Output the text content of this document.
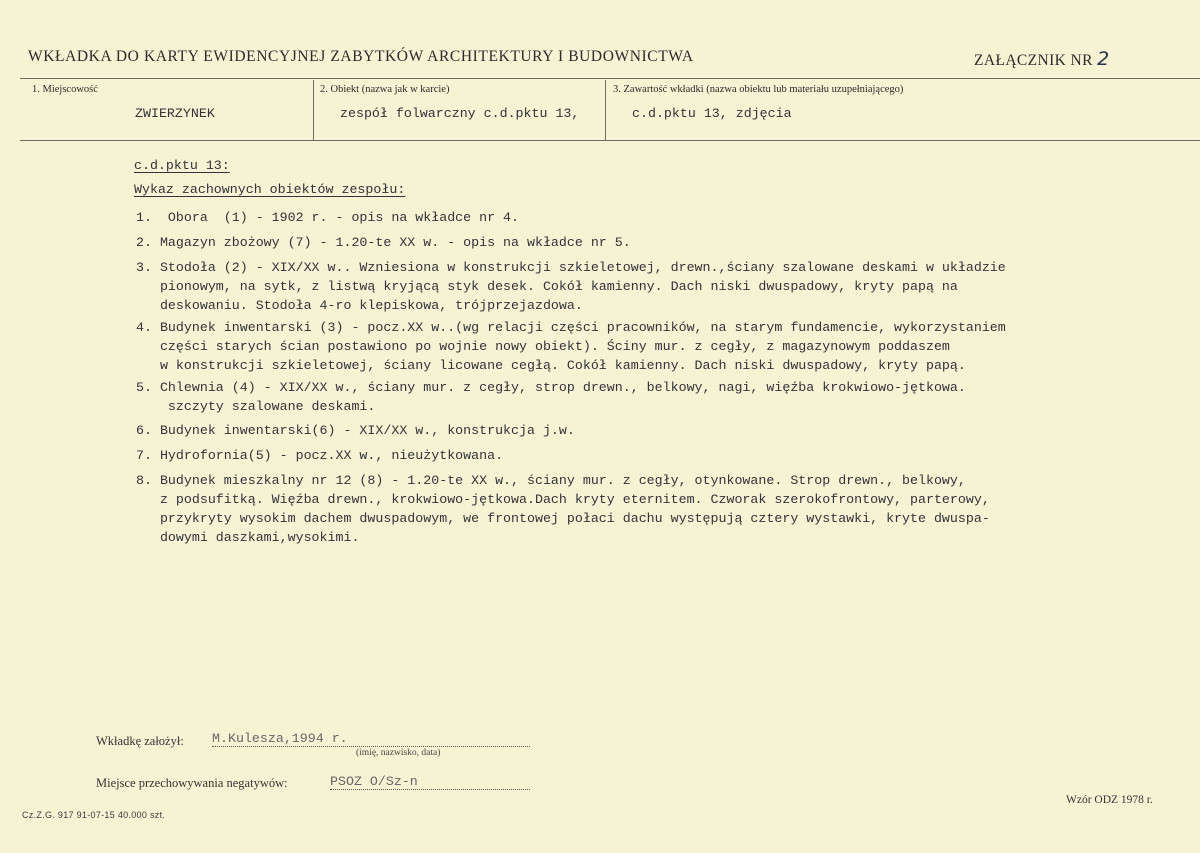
WKŁADKA DO KARTY EWIDENCYJNEJ ZABYTKÓW ARCHITEKTURY I BUDOWNICTWA	ZAŁĄCZNIK NR 2
1. Miejscowość	2. Obiekt (nazwa jak w karcie)	3. Zawartość wkładki (nazwa obiektu lub materiału uzupełniającego)
ZWIERZYNEK	zespół folwarczny c.d.pktu 13,	c.d.pktu 13, zdjęcia
c.d.pktu 13:
Wykaz zachownych obiektów zespołu:
1.  Obora  (1) - 1902 r. - opis na wkładce nr 4.
2. Magazyn zbożowy (7) - 1.20-te XX w. - opis na wkładce nr 5.
3. Stodoła (2) - XIX/XX w.. Wzniesiona w konstrukcji szkieletowej, drewn.,ściany szalowane deskami w układzie
pionowym, na sytk, z listwą kryjącą styk desek. Cokół kamienny. Dach niski dwuspadowy, kryty papą na
deskowaniu. Stodoła 4-ro klepiskowa, trójprzejazdowa.
4. Budynek inwentarski (3) - pocz.XX w..(wg relacji części pracowników, na starym fundamencie, wykorzystaniem
części starych ścian postawiono po wojnie nowy obiekt). Ściny mur. z cegły, z magazynowym poddaszem
w konstrukcji szkieletowej, ściany licowane cegłą. Cokół kamienny. Dach niski dwuspadowy, kryty papą.
5. Chlewnia (4) - XIX/XX w., ściany mur. z cegły, strop drewn., belkowy, nagi, więźba krokwiowo-jętkowa.
szczyty szalowane deskami.
6. Budynek inwentarski(6) - XIX/XX w., konstrukcja j.w.
7. Hydrofornia(5) - pocz.XX w., nieużytkowana.
8. Budynek mieszkalny nr 12 (8) - 1.20-te XX w., ściany mur. z cegły, otynkowane. Strop drewn., belkowy,
z podsufitką. Więźba drewn., krokwiowo-jętkowa.Dach kryty eternitem. Czworak szerokofrontowy, parterowy,
przykryty wysokim dachem dwuspadowym, we frontowej połaci dachu występują cztery wystawki, kryte dwuspa-
dowymi daszkami,wysokimi.
Wkładkę założył: M.Kulesza,1994 r.
(imię, nazwisko, data)
Miejsce przechowywania negatywów:	PSOZ O/Sz-n
Cz.Z.G. 917 91-07-15 40.000 szt.
Wzór ODZ 1978 r.
